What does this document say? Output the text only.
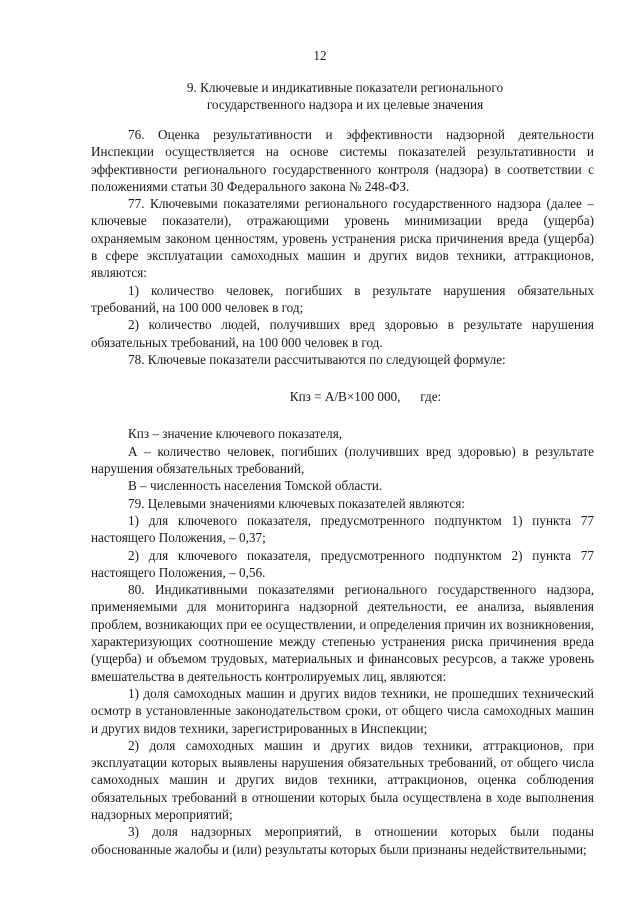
12
9. Ключевые и индикативные показатели регионального
государственного надзора и их целевые значения

76. Оценка результативности и эффективности надзорной деятельности Инспекции осуществляется на основе системы показателей результативности и эффективности регионального государственного контроля (надзора) в соответствии с положениями статьи 30 Федерального закона № 248-ФЗ.

77. Ключевыми показателями регионального государственного надзора (далее – ключевые показатели), отражающими уровень минимизации вреда (ущерба) охраняемым законом ценностям, уровень устранения риска причинения вреда (ущерба) в сфере эксплуатации самоходных машин и других видов техники, аттракционов, являются:

1) количество человек, погибших в результате нарушения обязательных требований, на 100 000 человек в год;

2) количество людей, получивших вред здоровью в результате нарушения обязательных требований, на 100 000 человек в год.

78. Ключевые показатели рассчитываются по следующей формуле:

Кпз = А/В×100 000,      где:

Кпз – значение ключевого показателя,

А – количество человек, погибших (получивших вред здоровью) в результате нарушения обязательных требований,

В – численность населения Томской области.

79. Целевыми значениями ключевых показателей являются:

1) для ключевого показателя, предусмотренного подпунктом 1) пункта 77 настоящего Положения, – 0,37;

2) для ключевого показателя, предусмотренного подпунктом 2) пункта 77 настоящего Положения, – 0,56.

80. Индикативными показателями регионального государственного надзора, применяемыми для мониторинга надзорной деятельности, ее анализа, выявления проблем, возникающих при ее осуществлении, и определения причин их возникновения, характеризующих соотношение между степенью устранения риска причинения вреда (ущерба) и объемом трудовых, материальных и финансовых ресурсов, а также уровень вмешательства в деятельность контролируемых лиц, являются:

1) доля самоходных машин и других видов техники, не прошедших технический осмотр в установленные законодательством сроки, от общего числа самоходных машин и других видов техники, зарегистрированных в Инспекции;

2) доля самоходных машин и других видов техники, аттракционов, при эксплуатации которых выявлены нарушения обязательных требований, от общего числа самоходных машин и других видов техники, аттракционов, оценка соблюдения обязательных требований в отношении которых была осуществлена в ходе выполнения надзорных мероприятий;

3) доля надзорных мероприятий, в отношении которых были поданы обоснованные жалобы и (или) результаты которых были признаны недействительными;
